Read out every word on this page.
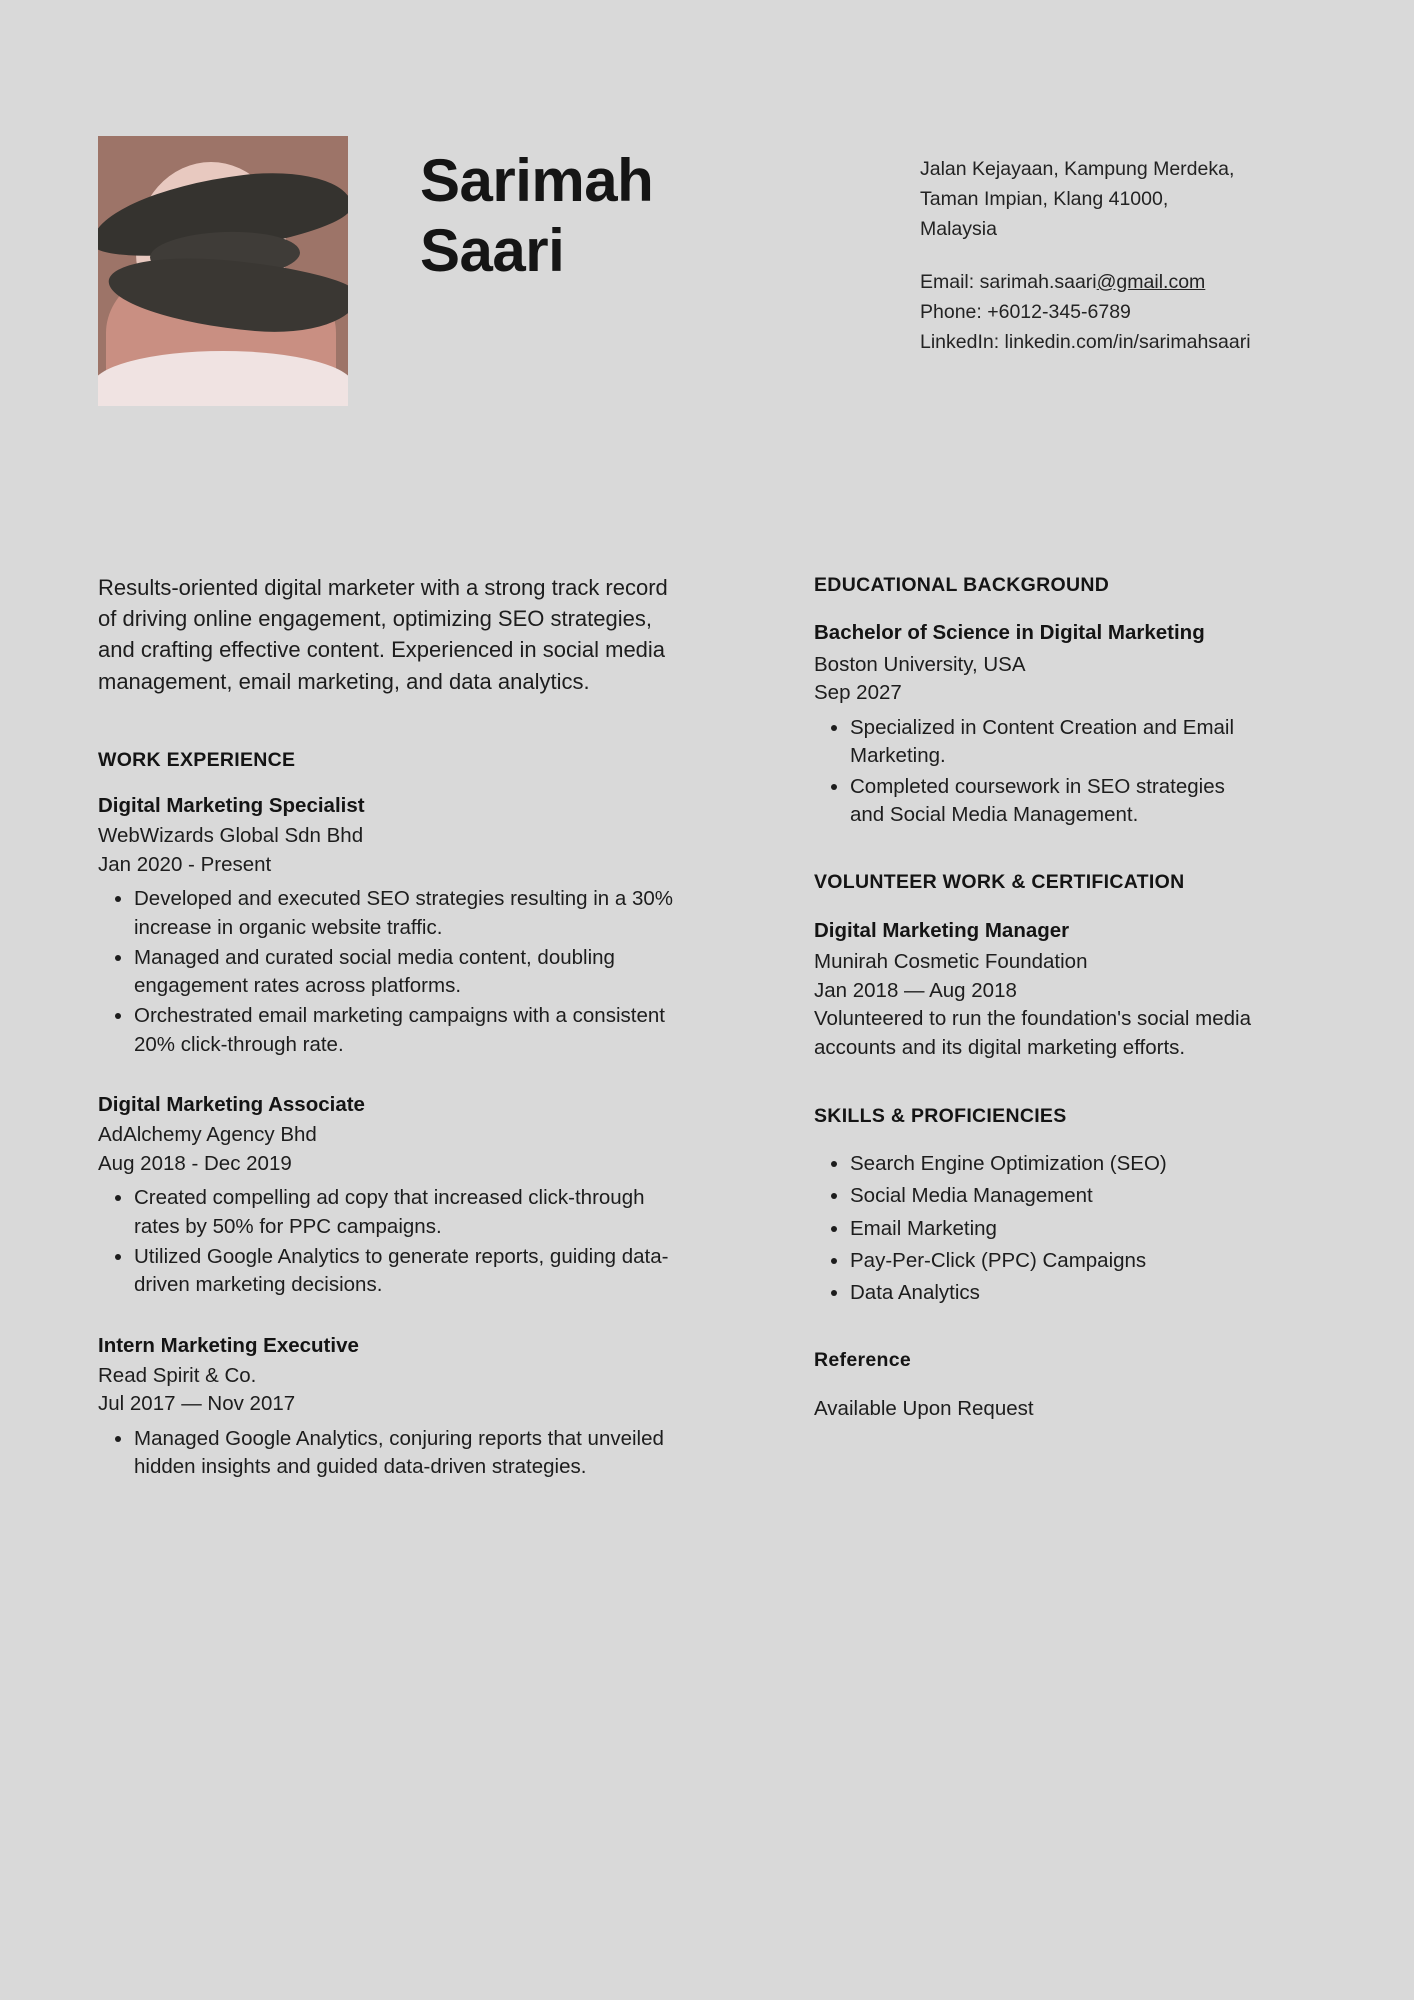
Sarimah
Saari
Jalan Kejayaan, Kampung Merdeka,
Taman Impian, Klang 41000,
Malaysia
Email: sarimah.saari@gmail.com
Phone: +6012-345-6789
LinkedIn: linkedin.com/in/sarimahsaari

Results-oriented digital marketer with a strong track record of driving online engagement, optimizing SEO strategies, and crafting effective content. Experienced in social media management, email marketing, and data analytics.

WORK EXPERIENCE
Digital Marketing Specialist
WebWizards Global Sdn Bhd
Jan 2020 - Present
• Developed and executed SEO strategies resulting in a 30% increase in organic website traffic.
• Managed and curated social media content, doubling engagement rates across platforms.
• Orchestrated email marketing campaigns with a consistent 20% click-through rate.
Digital Marketing Associate
AdAlchemy Agency Bhd
Aug 2018 - Dec 2019
• Created compelling ad copy that increased click-through rates by 50% for PPC campaigns.
• Utilized Google Analytics to generate reports, guiding data-driven marketing decisions.
Intern Marketing Executive
Read Spirit & Co.
Jul 2017 — Nov 2017
• Managed Google Analytics, conjuring reports that unveiled hidden insights and guided data-driven strategies.
EDUCATIONAL BACKGROUND
Bachelor of Science in Digital Marketing
Boston University, USA
Sep 2027
• Specialized in Content Creation and Email Marketing.
• Completed coursework in SEO strategies and Social Media Management.
VOLUNTEER WORK & CERTIFICATION
Digital Marketing Manager
Munirah Cosmetic Foundation
Jan 2018 — Aug 2018
Volunteered to run the foundation's social media accounts and its digital marketing efforts.
SKILLS & PROFICIENCIES
• Search Engine Optimization (SEO)
• Social Media Management
• Email Marketing
• Pay-Per-Click (PPC) Campaigns
• Data Analytics
Reference
Available Upon Request
